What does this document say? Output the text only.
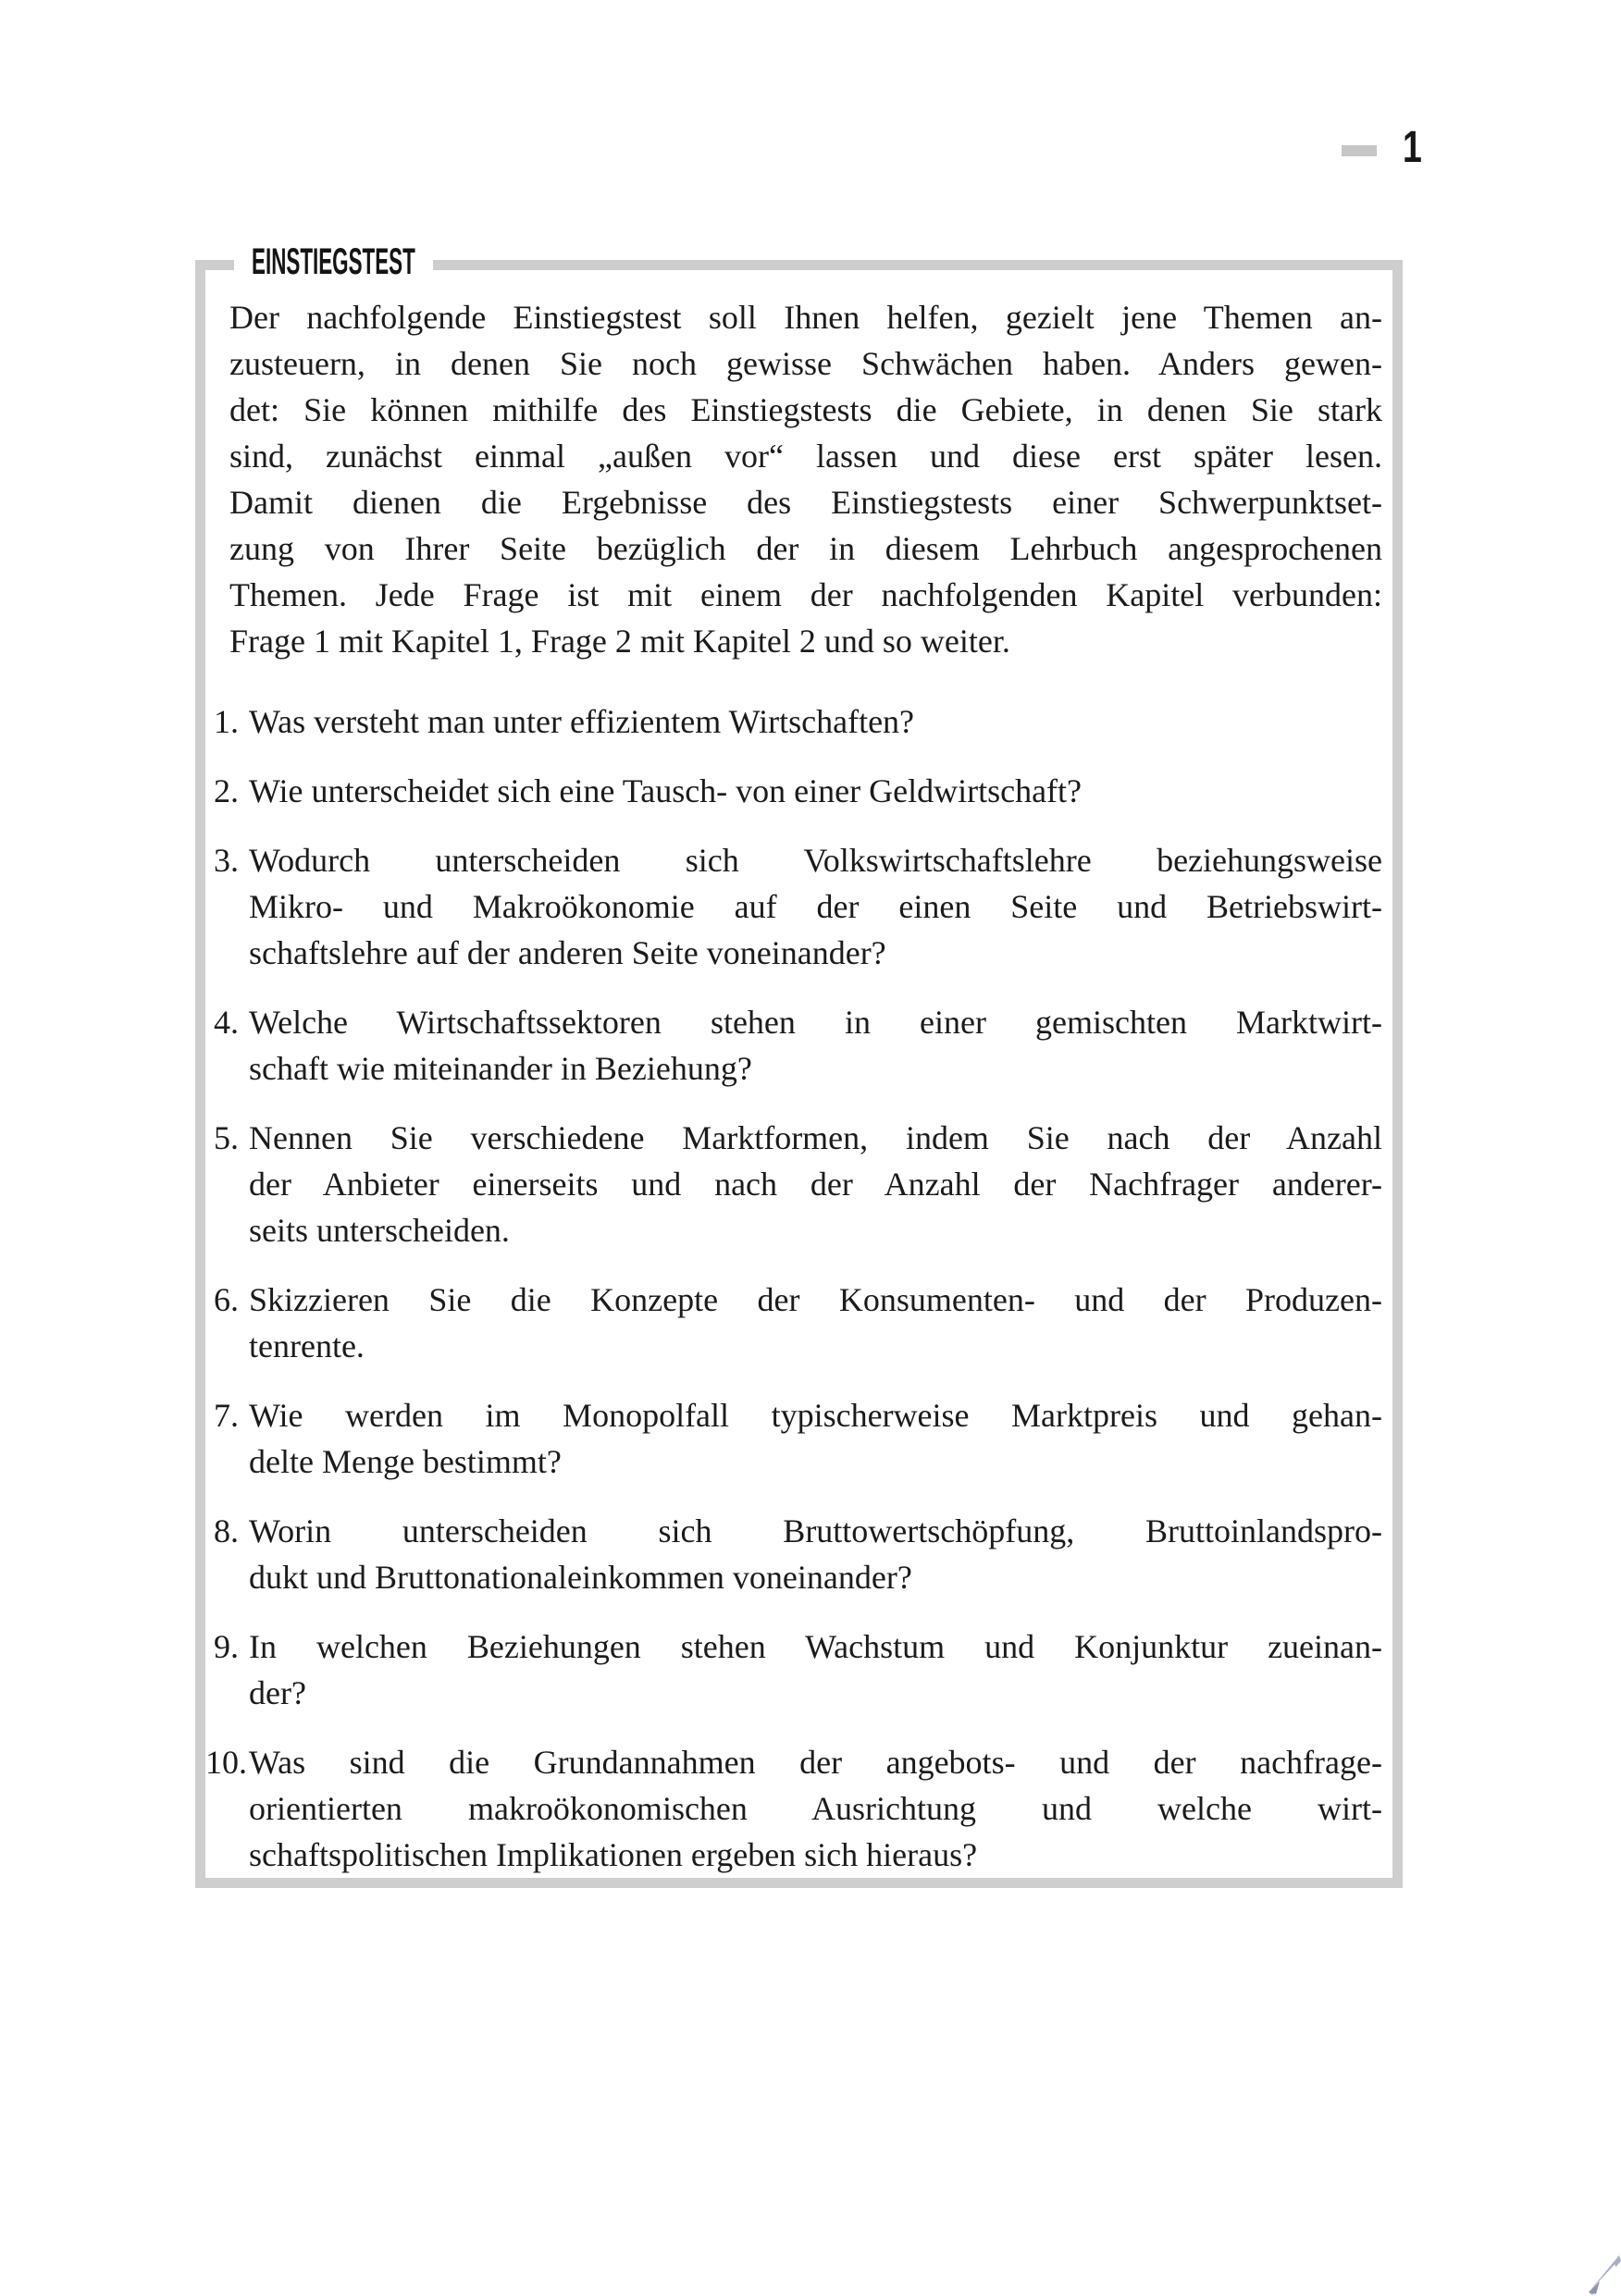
1
EINSTIEGSTEST
Der nachfolgende Einstiegstest soll Ihnen helfen, gezielt jene Themen an-
zusteuern, in denen Sie noch gewisse Schwächen haben. Anders gewen-
det: Sie können mithilfe des Einstiegstests die Gebiete, in denen Sie stark
sind, zunächst einmal „außen vor“ lassen und diese erst später lesen.
Damit dienen die Ergebnisse des Einstiegstests einer Schwerpunktset-
zung von Ihrer Seite bezüglich der in diesem Lehrbuch angesprochenen
Themen. Jede Frage ist mit einem der nachfolgenden Kapitel verbunden:
Frage 1 mit Kapitel 1, Frage 2 mit Kapitel 2 und so weiter.
1. Was versteht man unter effizientem Wirtschaften?
2. Wie unterscheidet sich eine Tausch- von einer Geldwirtschaft?
3. Wodurch unterscheiden sich Volkswirtschaftslehre beziehungsweise
Mikro- und Makroökonomie auf der einen Seite und Betriebswirt-
schaftslehre auf der anderen Seite voneinander?
4. Welche Wirtschaftssektoren stehen in einer gemischten Marktwirt-
schaft wie miteinander in Beziehung?
5. Nennen Sie verschiedene Marktformen, indem Sie nach der Anzahl
der Anbieter einerseits und nach der Anzahl der Nachfrager anderer-
seits unterscheiden.
6. Skizzieren Sie die Konzepte der Konsumenten- und der Produzen-
tenrente.
7. Wie werden im Monopolfall typischerweise Marktpreis und gehan-
delte Menge bestimmt?
8. Worin unterscheiden sich Bruttowertschöpfung, Bruttoinlandspro-
dukt und Bruttonationaleinkommen voneinander?
9. In welchen Beziehungen stehen Wachstum und Konjunktur zueinan-
der?
10. Was sind die Grundannahmen der angebots- und der nachfrage-
orientierten makroökonomischen Ausrichtung und welche wirt-
schaftspolitischen Implikationen ergeben sich hieraus?
